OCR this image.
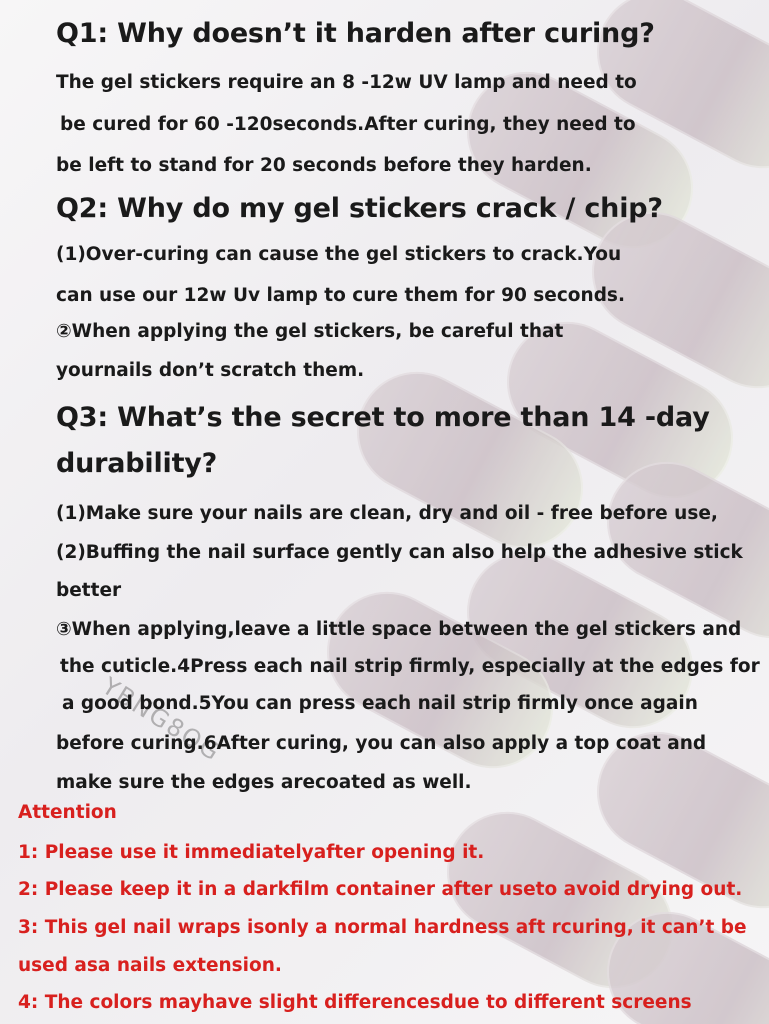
YBNG8OG
Q1: Why doesn’t it harden after curing?
The gel stickers require an 8 -12w UV lamp and need to
be cured for 60 -120seconds.After curing, they need to
be left to stand for 20 seconds before they harden.
Q2: Why do my gel stickers crack / chip?
(1)Over-curing can cause the gel stickers to crack.You
can use our 12w Uv lamp to cure them for 90 seconds.
②When applying the gel stickers, be careful that
yournails don’t scratch them.
Q3: What’s the secret to more than 14 -day
durability?
(1)Make sure your nails are clean, dry and oil - free before use,
(2)Buffing the nail surface gently can also help the adhesive stick
better
③When applying,leave a little space between the gel stickers and
the cuticle.4Press each nail strip firmly, especially at the edges for
a good bond.5You can press each nail strip firmly once again
before curing.6After curing, you can also apply a top coat and
make sure the edges arecoated as well.
Attention
1: Please use it immediatelyafter opening it.
2: Please keep it in a darkfilm container after useto avoid drying out.
3: This gel nail wraps isonly a normal hardness aft rcuring, it can’t be
used asa nails extension.
4: The colors mayhave slight differencesdue to different screens
